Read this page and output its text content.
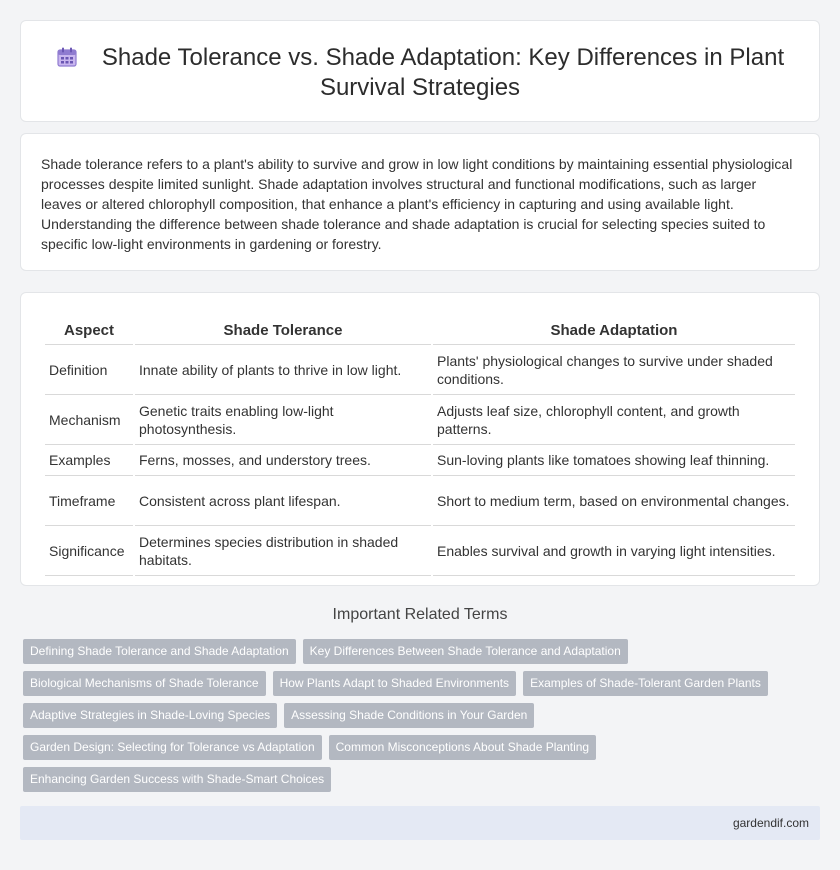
Shade Tolerance vs. Shade Adaptation: Key Differences in Plant
Survival Strategies

Shade tolerance refers to a plant's ability to survive and grow in low light conditions by maintaining essential physiological processes despite limited sunlight. Shade adaptation involves structural and functional modifications, such as larger leaves or altered chlorophyll composition, that enhance a plant's efficiency in capturing and using available light. Understanding the difference between shade tolerance and shade adaptation is crucial for selecting species suited to specific low-light environments in gardening or forestry.

Aspect	Shade Tolerance	Shade Adaptation
Definition	Innate ability of plants to thrive in low light.	Plants' physiological changes to survive under shaded conditions.
Mechanism	Genetic traits enabling low-light photosynthesis.	Adjusts leaf size, chlorophyll content, and growth patterns.
Examples	Ferns, mosses, and understory trees.	Sun-loving plants like tomatoes showing leaf thinning.
Timeframe	Consistent across plant lifespan.	Short to medium term, based on environmental changes.
Significance	Determines species distribution in shaded habitats.	Enables survival and growth in varying light intensities.
Important Related Terms
Defining Shade Tolerance and Shade Adaptation Key Differences Between Shade Tolerance and Adaptation
Biological Mechanisms of Shade Tolerance How Plants Adapt to Shaded Environments Examples of Shade-Tolerant Garden Plants
Adaptive Strategies in Shade-Loving Species Assessing Shade Conditions in Your Garden
Garden Design: Selecting for Tolerance vs Adaptation Common Misconceptions About Shade Planting
Enhancing Garden Success with Shade-Smart Choices
gardendif.com
